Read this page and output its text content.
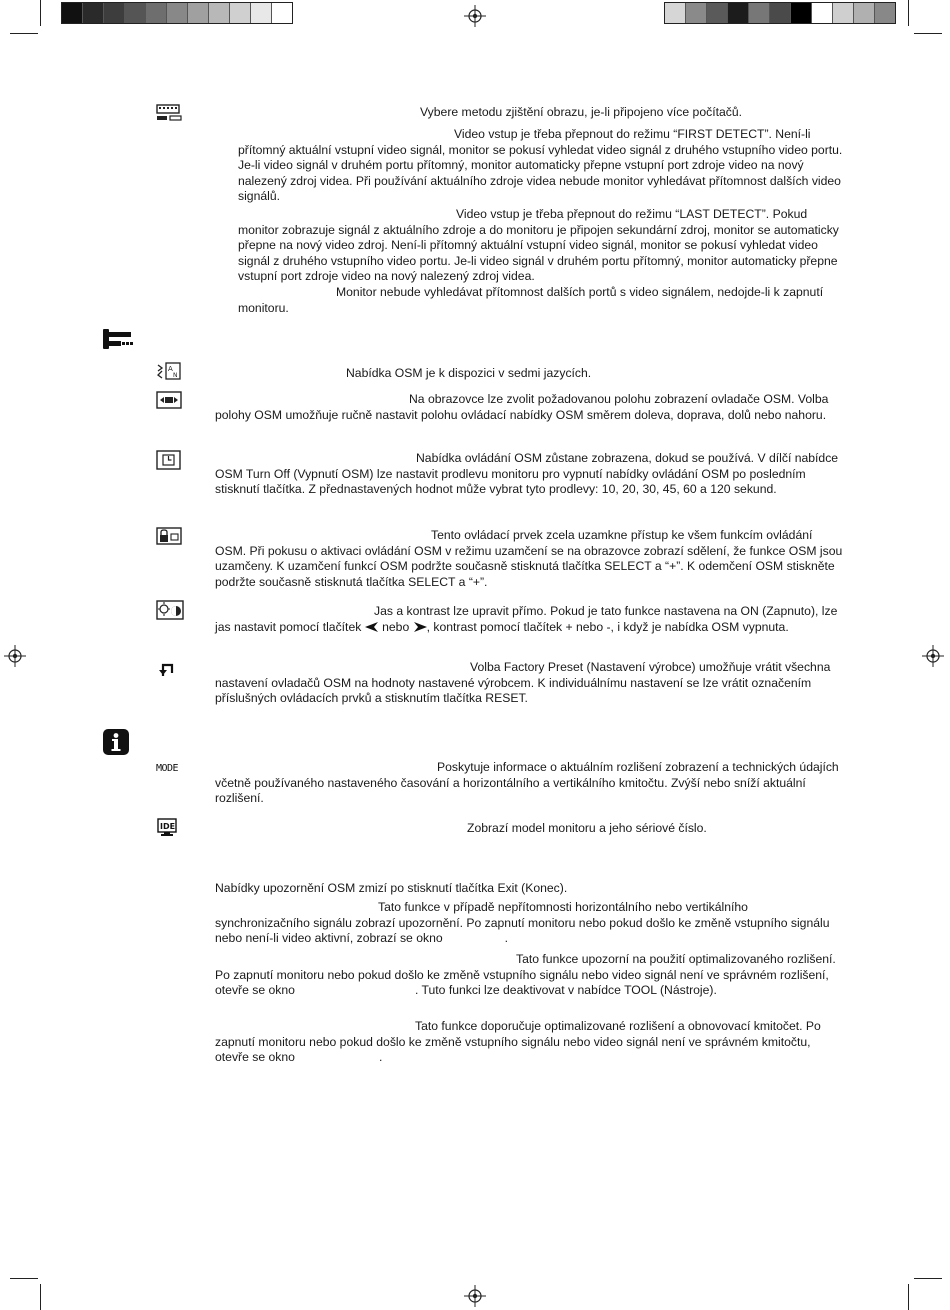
Vybere metodu zjištění obrazu, je-li připojeno více počítačů.

Video vstup je třeba přepnout do režimu “FIRST DETECT”. Není-li přítomný aktuální vstupní video signál, monitor se pokusí vyhledat video signál z druhého vstupního video portu. Je-li video signál v druhém portu přítomný, monitor automaticky přepne vstupní port zdroje video na nový nalezený zdroj videa. Při používání aktuálního zdroje videa nebude monitor vyhledávat přítomnost dalších video signálů.

Video vstup je třeba přepnout do režimu “LAST DETECT”. Pokud monitor zobrazuje signál z aktuálního zdroje a do monitoru je připojen sekundární zdroj, monitor se automaticky přepne na nový video zdroj. Není-li přítomný aktuální vstupní video signál, monitor se pokusí vyhledat video signál z druhého vstupního video portu. Je-li video signál v druhém portu přítomný, monitor automaticky přepne vstupní port zdroje video na nový nalezený zdroj videa.

Monitor nebude vyhledávat přítomnost dalších portů s video signálem, nedojde-li k zapnutí monitoru.

A
N	Nabídka OSM je k dispozici v sedmi jazycích.

Na obrazovce lze zvolit požadovanou polohu zobrazení ovladače OSM. Volba polohy OSM umožňuje ručně nastavit polohu ovládací nabídky OSM směrem doleva, doprava, dolů nebo nahoru.

Nabídka ovládání OSM zůstane zobrazena, dokud se používá. V dílčí nabídce OSM Turn Off (Vypnutí OSM) lze nastavit prodlevu monitoru pro vypnutí nabídky ovládání OSM po posledním stisknutí tlačítka. Z přednastavených hodnot může vybrat tyto prodlevy: 10, 20, 30, 45, 60 a 120 sekund.

Tento ovládací prvek zcela uzamkne přístup ke všem funkcím ovládání OSM. Při pokusu o aktivaci ovládání OSM v režimu uzamčení se na obrazovce zobrazí sdělení, že funkce OSM jsou uzamčeny. K uzamčení funkcí OSM podržte současně stisknutá tlačítka SELECT a “+”. K odemčení OSM stiskněte podržte současně stisknutá tlačítka SELECT a “+”.

Jas a kontrast lze upravit přímo. Pokud je tato funkce nastavena na ON (Zapnuto), lze jas nastavit pomocí tlačítek nebo , kontrast pomocí tlačítek + nebo -, i když je nabídka OSM vypnuta.

Volba Factory Preset (Nastavení výrobce) umožňuje vrátit všechna nastavení ovladačů OSM na hodnoty nastavené výrobcem. K individuálnímu nastavení se lze vrátit označením příslušných ovládacích prvků a stisknutím tlačítka RESET.

MODE	Poskytuje informace o aktuálním rozlišení zobrazení a technických údajích včetně používaného nastaveného časování a horizontálního a vertikálního kmitočtu. Zvýší nebo sníží aktuální rozlišení.

IDE	Zobrazí model monitoru a jeho sériové číslo.

Nabídky upozornění OSM zmizí po stisknutí tlačítka Exit (Konec).

Tato funkce v případě nepřítomnosti horizontálního nebo vertikálního synchronizačního signálu zobrazí upozornění. Po zapnutí monitoru nebo pokud došlo ke změně vstupního signálu nebo není-li video aktivní, zobrazí se okno	.

Tato funkce upozorní na použití optimalizovaného rozlišení. Po zapnutí monitoru nebo pokud došlo ke změně vstupního signálu nebo video signál není ve správném rozlišení, otevře se okno	. Tuto funkci lze deaktivovat v nabídce TOOL (Nástroje).

Tato funkce doporučuje optimalizované rozlišení a obnovovací kmitočet. Po zapnutí monitoru nebo pokud došlo ke změně vstupního signálu nebo video signál není ve správném kmitočtu, otevře se okno	.
